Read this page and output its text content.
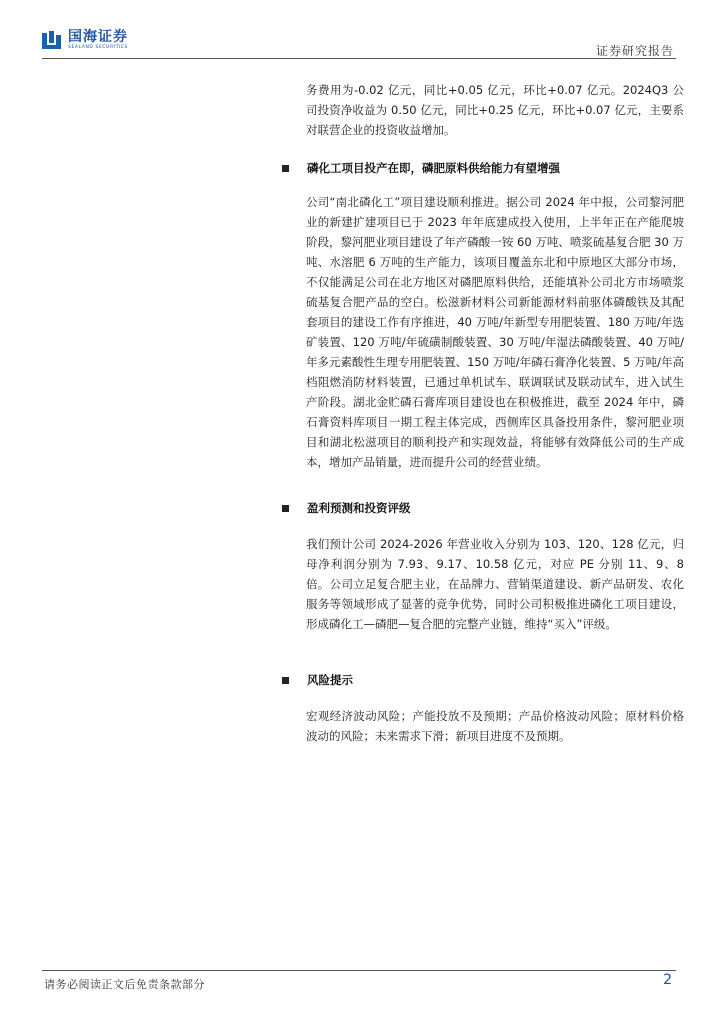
国海证券
SEALAND SECURITIES	证券研究报告

务费用为-0.02 亿元，同比+0.05 亿元，环比+0.07 亿元。2024Q3 公司投资净收益为 0.50 亿元，同比+0.25 亿元，环比+0.07 亿元，主要系对联营企业的投资收益增加。

磷化工项目投产在即，磷肥原料供给能力有望增强

公司“南北磷化工”项目建设顺利推进。据公司 2024 年中报，公司黎河肥业的新建扩建项目已于 2023 年年底建成投入使用，上半年正在产能爬坡阶段，黎河肥业项目建设了年产磷酸一铵 60 万吨、喷浆硫基复合肥 30 万吨、水溶肥 6 万吨的生产能力，该项目覆盖东北和中原地区大部分市场，不仅能满足公司在北方地区对磷肥原料供给，还能填补公司北方市场喷浆硫基复合肥产品的空白。松滋新材料公司新能源材料前驱体磷酸铁及其配套项目的建设工作有序推进，40 万吨/年新型专用肥装置、180 万吨/年选矿装置、120 万吨/年硫磺制酸装置、30 万吨/年湿法磷酸装置、40 万吨/年多元素酸性生理专用肥装置、150 万吨/年磷石膏净化装置、5 万吨/年高档阻燃消防材料装置，已通过单机试车、联调联试及联动试车，进入试生产阶段。湖北金贮磷石膏库项目建设也在积极推进，截至 2024 年中，磷石膏资料库项目一期工程主体完成，西侧库区具备投用条件，黎河肥业项目和湖北松滋项目的顺利投产和实现效益，将能够有效降低公司的生产成本，增加产品销量，进而提升公司的经营业绩。

盈利预测和投资评级

我们预计公司 2024-2026 年营业收入分别为 103、120、128 亿元，归母净利润分别为 7.93、9.17、10.58 亿元，对应 PE 分别 11、9、8 倍。公司立足复合肥主业，在品牌力、营销渠道建设、新产品研发、农化服务等领域形成了显著的竞争优势，同时公司积极推进磷化工项目建设，形成磷化工—磷肥—复合肥的完整产业链，维持“买入”评级。

风险提示

宏观经济波动风险；产能投放不及预期；产品价格波动风险；原材料价格波动的风险；未来需求下滑；新项目进度不及预期。

请务必阅读正文后免责条款部分	2
